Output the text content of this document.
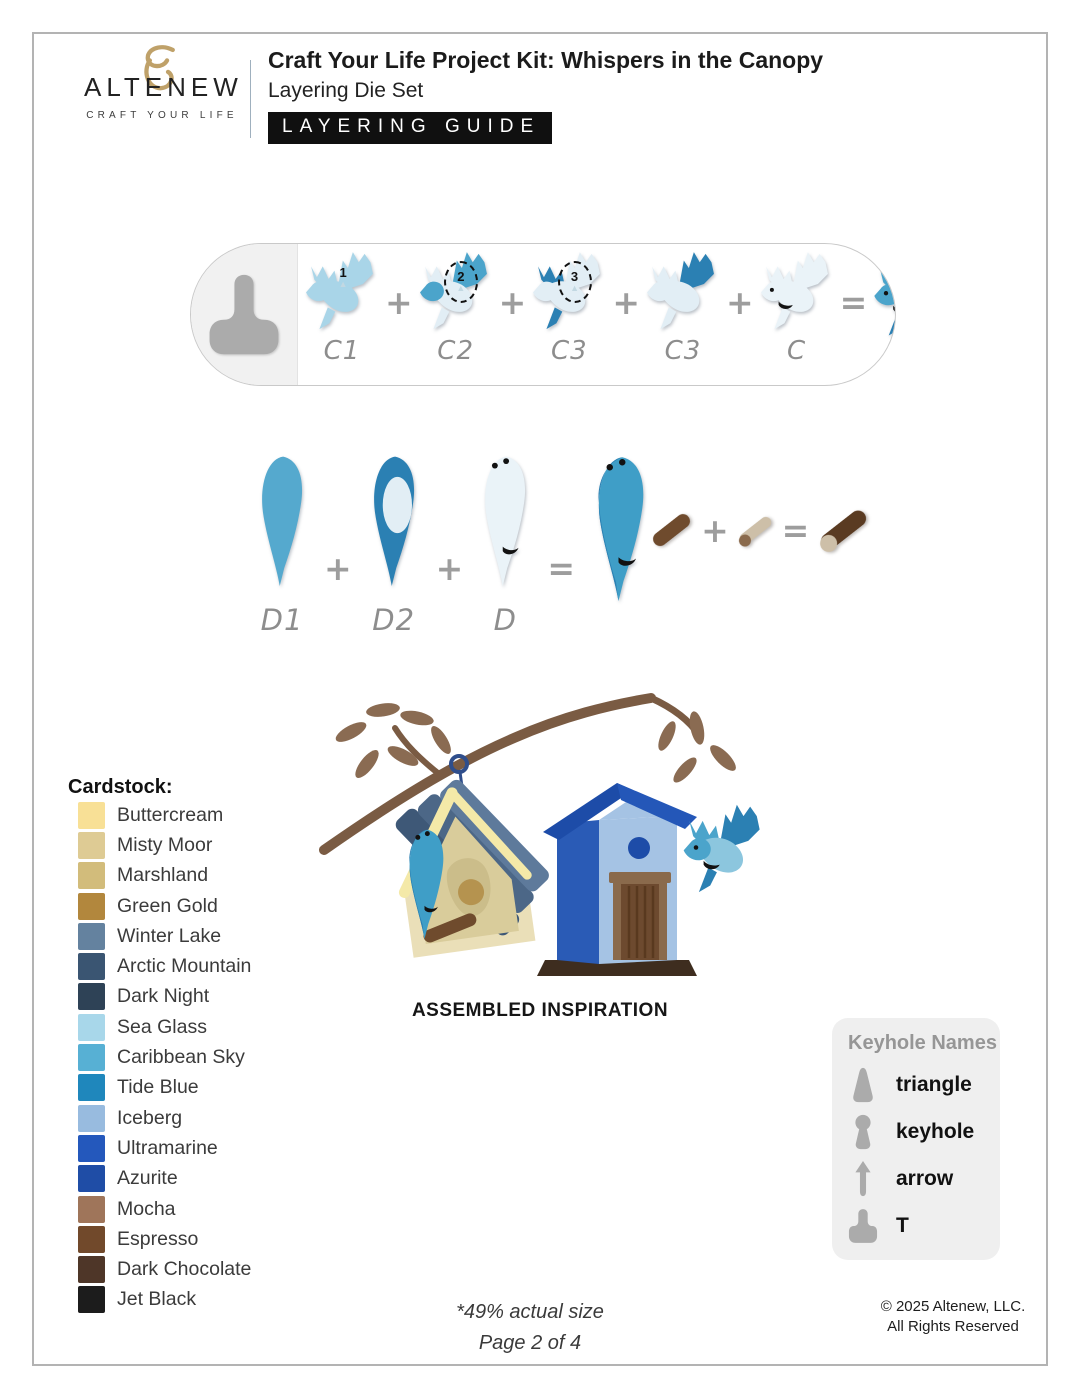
ALTENEW
CRAFT YOUR LIFE
Craft Your Life Project Kit: Whispers in the Canopy
Layering Die Set
LAYERING GUIDE
1
▲
C1
+
2
▲
C2
+
3
▲
C3
+
C3
+
C
=
D1
+
D2
+
D
=
+ =
Cardstock:
Buttercream
Misty Moor
Marshland
Green Gold
Winter Lake
Arctic Mountain
Dark Night
Sea Glass
Caribbean Sky
Tide Blue
Iceberg
Ultramarine
Azurite
Mocha
Espresso
Dark Chocolate
Jet Black
ASSEMBLED INSPIRATION
Keyhole Names
triangle
keyhole
arrow
T
*49% actual size
Page 2 of 4
© 2025 Altenew, LLC.
All Rights Reserved
